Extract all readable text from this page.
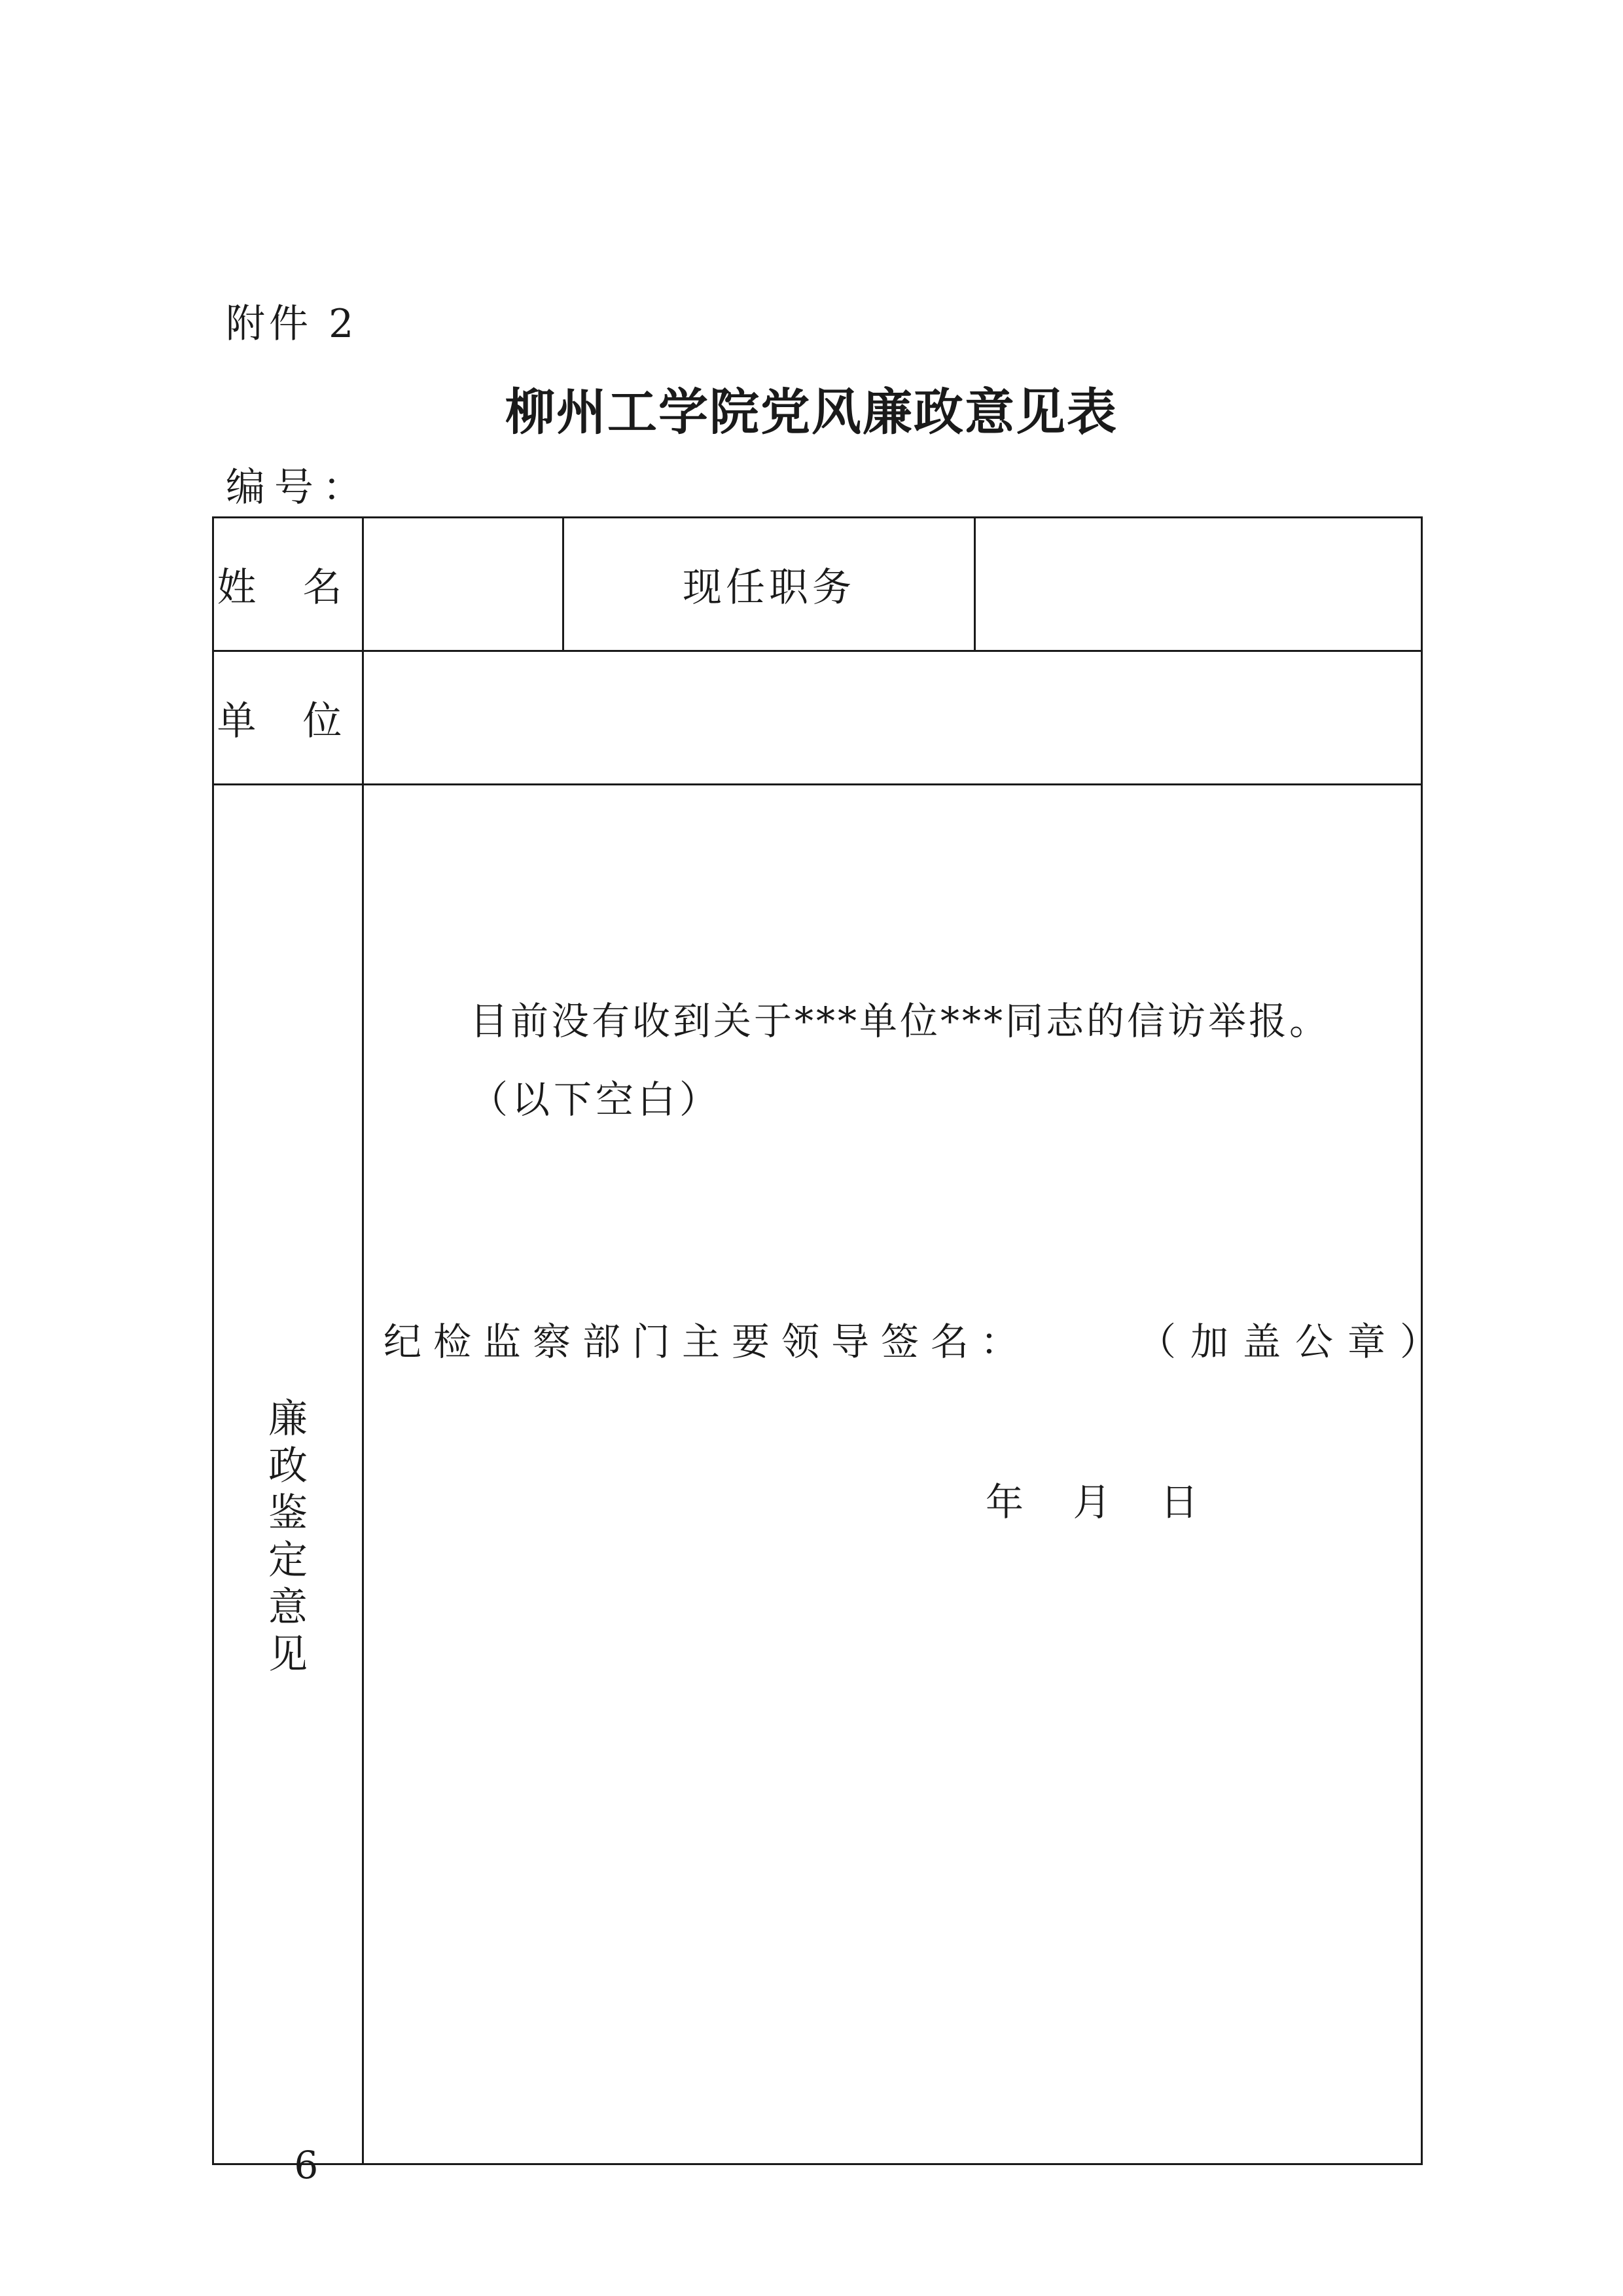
附件 2
柳州工学院党风廉政意见表
编号：
姓 名		现任职务	
单 位			
廉政鉴定意见	目前没有收到关于***单位***同志的信访举报。
（以下空白）
纪检监察部门主要领导签名： （加盖公章）
年 月 日		
－ 6 －
